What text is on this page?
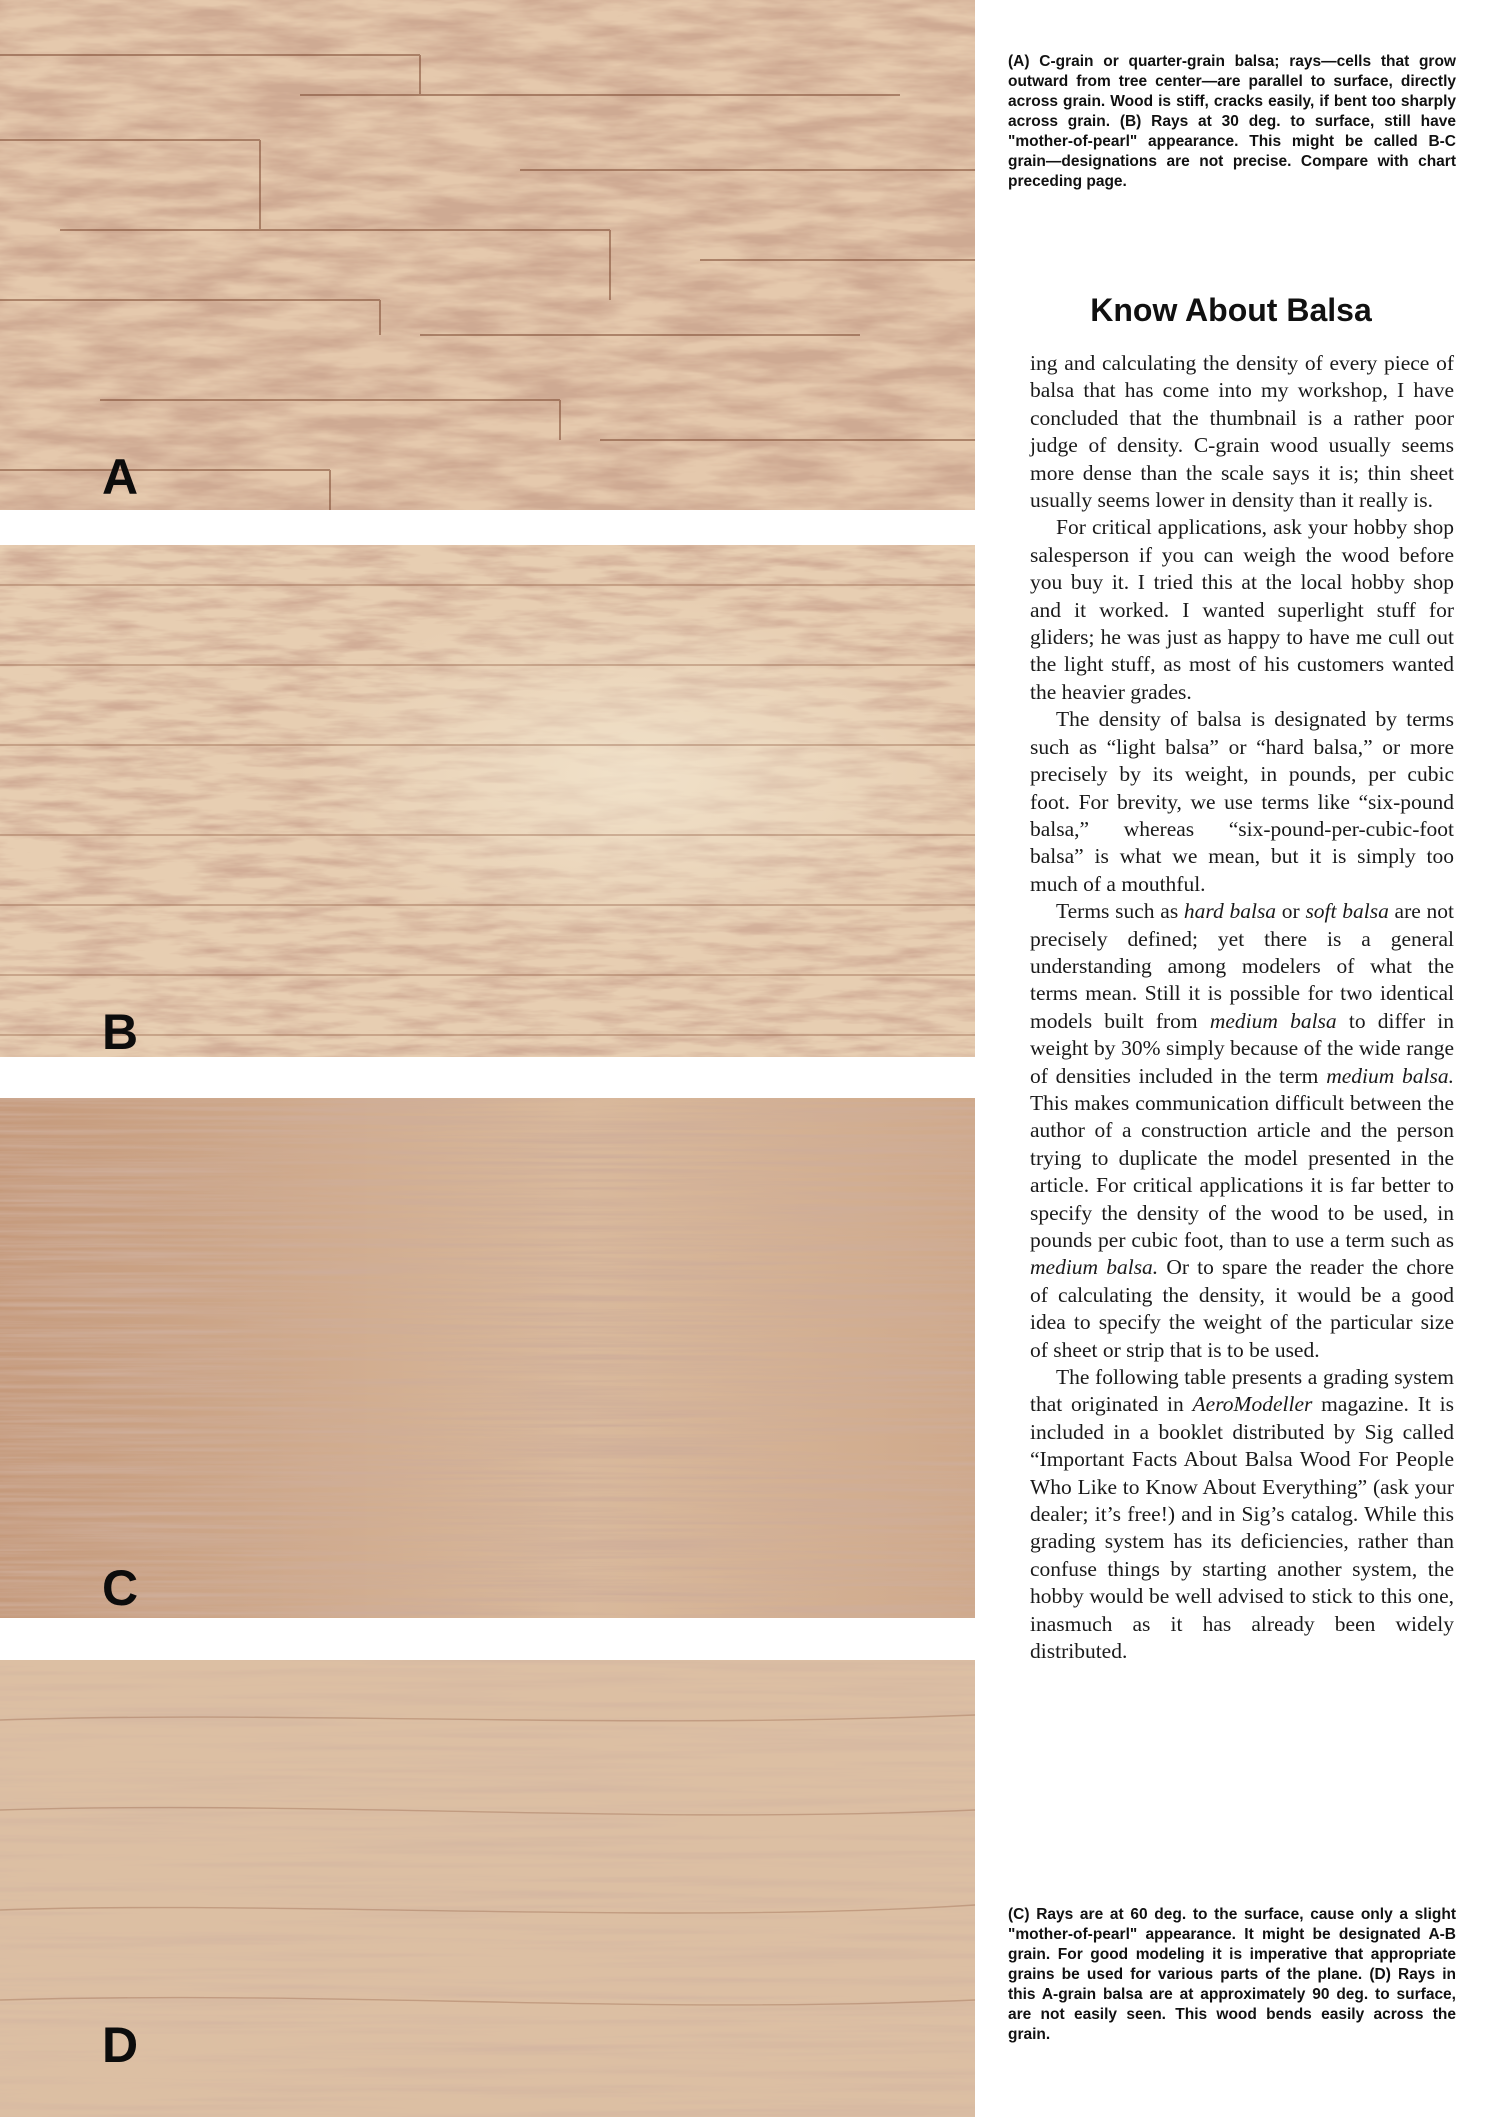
A
B
C
D
(A) C-grain or quarter-grain balsa; rays—cells that grow outward from tree center—are parallel to surface, directly across grain. Wood is stiff, cracks easily, if bent too sharply across grain. (B) Rays at 30 deg. to surface, still have "mother-of-pearl" appearance. This might be called B-C grain—designations are not precise. Compare with chart preceding page.
Know About Balsa

ing and calculating the density of every piece of balsa that has come into my workshop, I have concluded that the thumbnail is a rather poor judge of density. C-grain wood usually seems more dense than the scale says it is; thin sheet usually seems lower in density than it really is.

For critical applications, ask your hobby shop salesperson if you can weigh the wood before you buy it. I tried this at the local hobby shop and it worked. I wanted superlight stuff for gliders; he was just as happy to have me cull out the light stuff, as most of his customers wanted the heavier grades.

The density of balsa is designated by terms such as “light balsa” or “hard balsa,” or more precisely by its weight, in pounds, per cubic foot. For brevity, we use terms like “six-pound balsa,” whereas “six-pound-per-cubic-foot balsa” is what we mean, but it is simply too much of a mouthful.

Terms such as hard balsa or soft balsa are not precisely defined; yet there is a general understanding among modelers of what the terms mean. Still it is possible for two identical models built from medium balsa to differ in weight by 30% simply because of the wide range of densities included in the term medium balsa. This makes communication difficult between the author of a construction article and the person trying to duplicate the model presented in the article. For critical applications it is far better to specify the density of the wood to be used, in pounds per cubic foot, than to use a term such as medium balsa. Or to spare the reader the chore of calculating the density, it would be a good idea to specify the weight of the particular size of sheet or strip that is to be used.

The following table presents a grading system that originated in AeroModeller magazine. It is included in a booklet distributed by Sig called “Important Facts About Balsa Wood For People Who Like to Know About Everything” (ask your dealer; it’s free!) and in Sig’s catalog. While this grading system has its deficiencies, rather than confuse things by starting another system, the hobby would be well advised to stick to this one, inasmuch as it has already been widely distributed.

(C) Rays are at 60 deg. to the surface, cause only a slight "mother-of-pearl" appearance. It might be designated A-B grain. For good modeling it is imperative that appropriate grains be used for various parts of the plane. (D) Rays in this A-grain balsa are at approximately 90 deg. to surface, are not easily seen. This wood bends easily across the grain.
